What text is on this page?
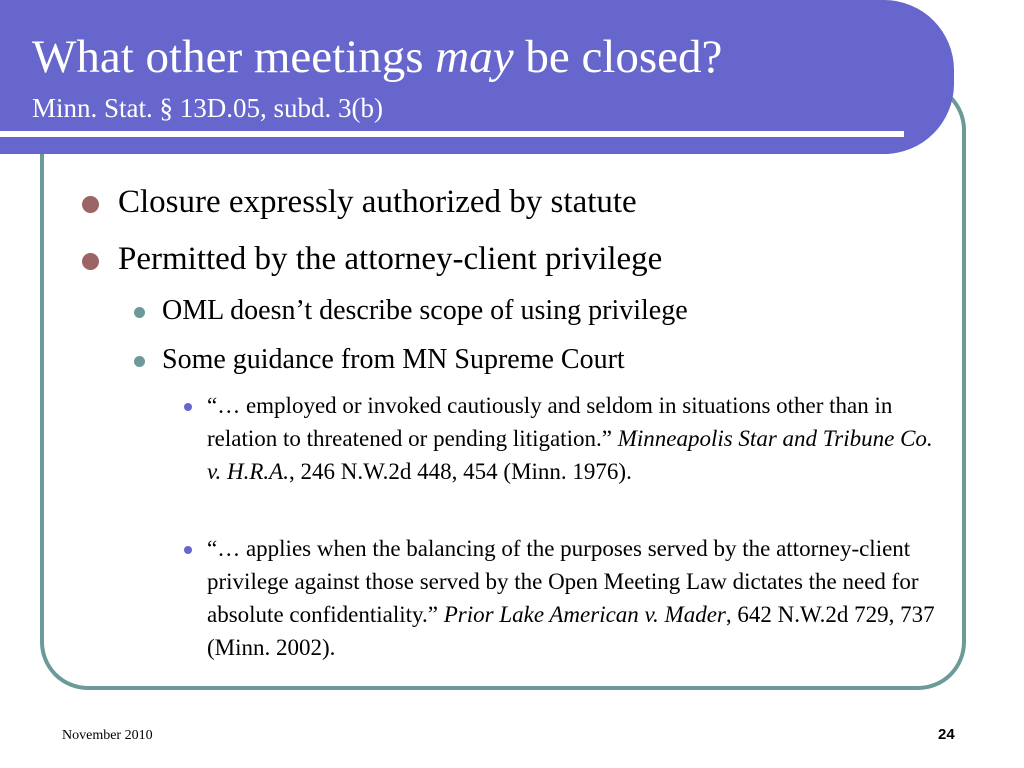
What other meetings may be closed?
Minn. Stat. § 13D.05, subd. 3(b)
Closure expressly authorized by statute
Permitted by the attorney-client privilege
OML doesn’t describe scope of using privilege
Some guidance from MN Supreme Court
“… employed or invoked cautiously and seldom in situations other than in relation to threatened or pending litigation.” Minneapolis Star and Tribune Co. v. H.R.A., 246 N.W.2d 448, 454 (Minn. 1976).
“… applies when the balancing of the purposes served by the attorney-client privilege against those served by the Open Meeting Law dictates the need for absolute confidentiality.” Prior Lake American v. Mader, 642 N.W.2d 729, 737 (Minn. 2002).
November 2010	24
